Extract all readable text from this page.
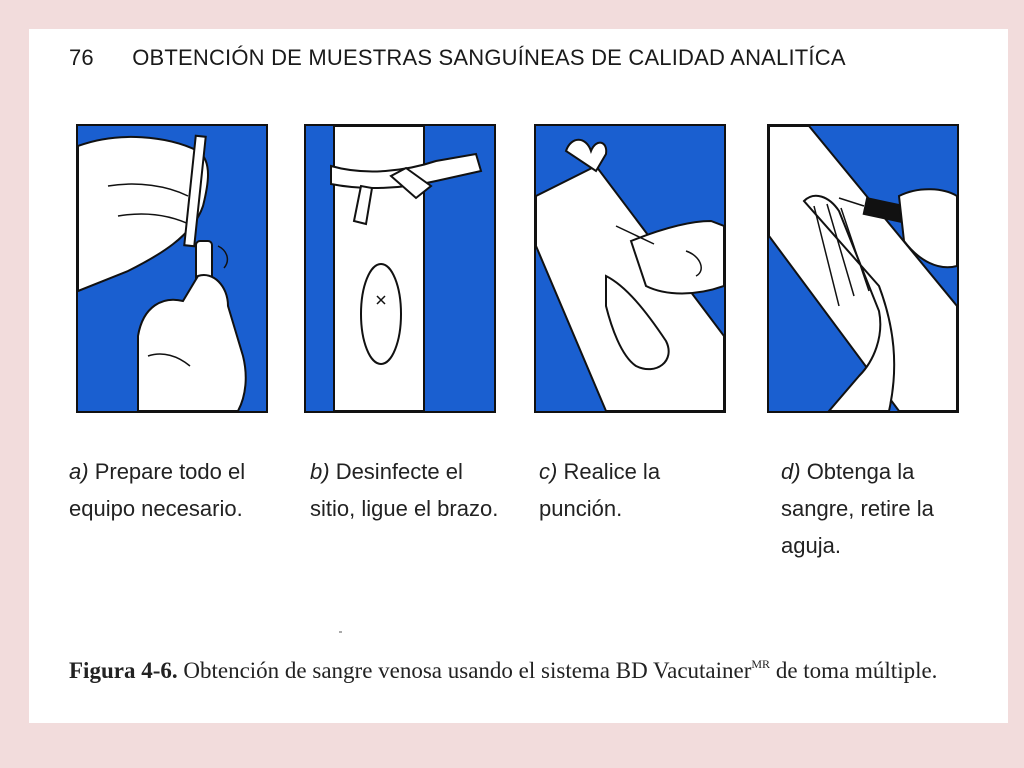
76 OBTENCIÓN DE MUESTRAS SANGUÍNEAS DE CALIDAD ANALITÍCA
a) Prepare todo el
equipo necesario.
b) Desinfecte el
sitio, ligue el brazo.
c) Realice la
punción.
d) Obtenga la
sangre, retire la
aguja.
Figura 4-6. Obtención de sangre venosa usando el sistema BD Vacutainer$^{MR}$ de toma múltiple.
